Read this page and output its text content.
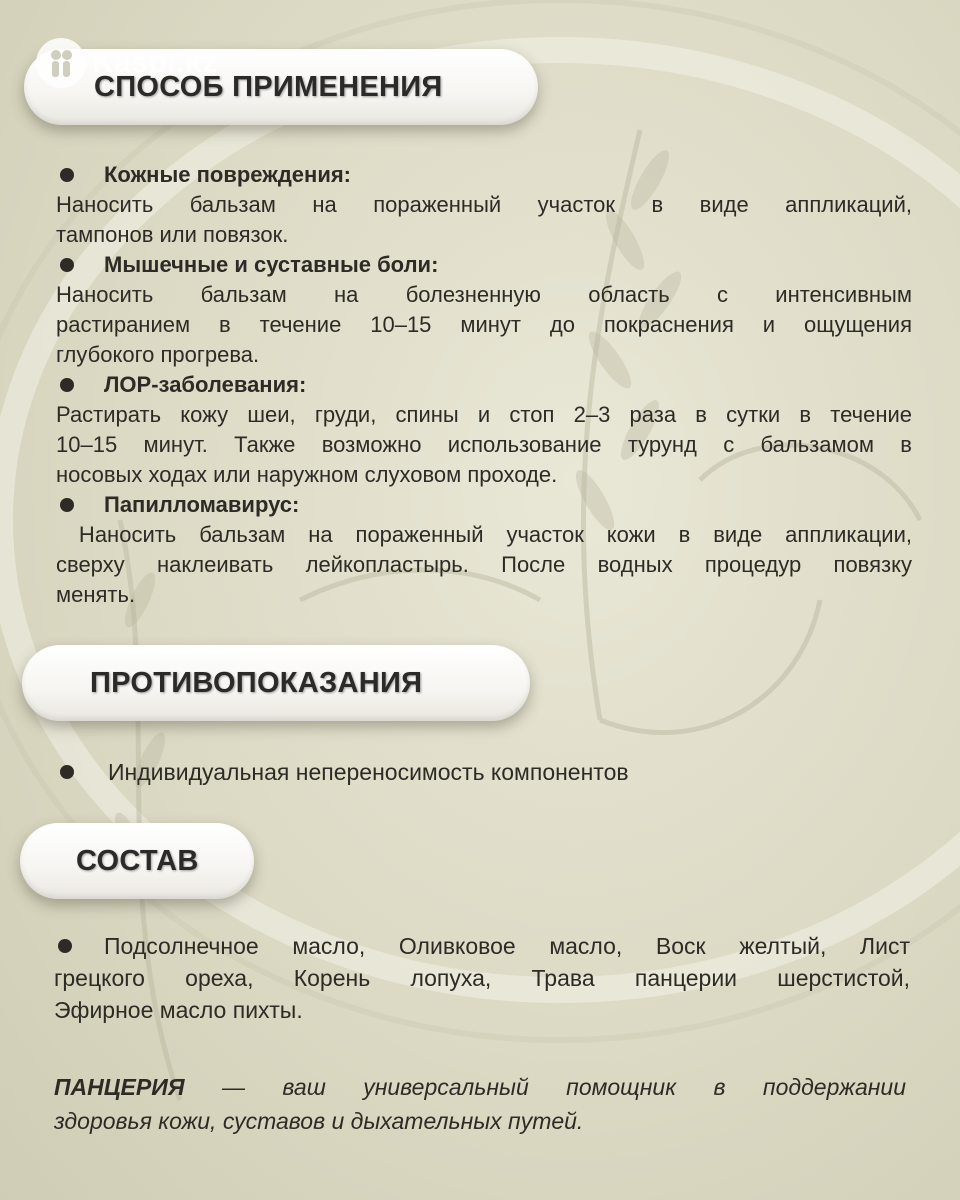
Kaspi.kz
СПОСОБ ПРИМЕНЕНИЯ
Кожные повреждения:

Наносить бальзам на пораженный участок в виде аппликаций,

тампонов или повязок.

Мышечные и суставные боли:

Наносить бальзам на болезненную область с интенсивным

растиранием в течение 10–15 минут до покраснения и ощущения

глубокого прогрева.

ЛОР-заболевания:

Растирать кожу шеи, груди, спины и стоп 2–3 раза в сутки в течение

10–15 минут. Также возможно использование турунд с бальзамом в

носовых ходах или наружном слуховом проходе.

Папилломавирус:

Наносить бальзам на пораженный участок кожи в виде аппликации,

сверху наклеивать лейкопластырь. После водных процедур повязку

менять.

ПРОТИВОПОКАЗАНИЯ
Индивидуальная непереносимость компонентов
СОСТАВ

Подсолнечное масло, Оливковое масло, Воск желтый, Лист

грецкого ореха, Корень лопуха, Трава панцерии шерстистой,

Эфирное масло пихты.

ПАНЦЕРИЯ — ваш универсальный помощник в поддержании

здоровья кожи, суставов и дыхательных путей.
